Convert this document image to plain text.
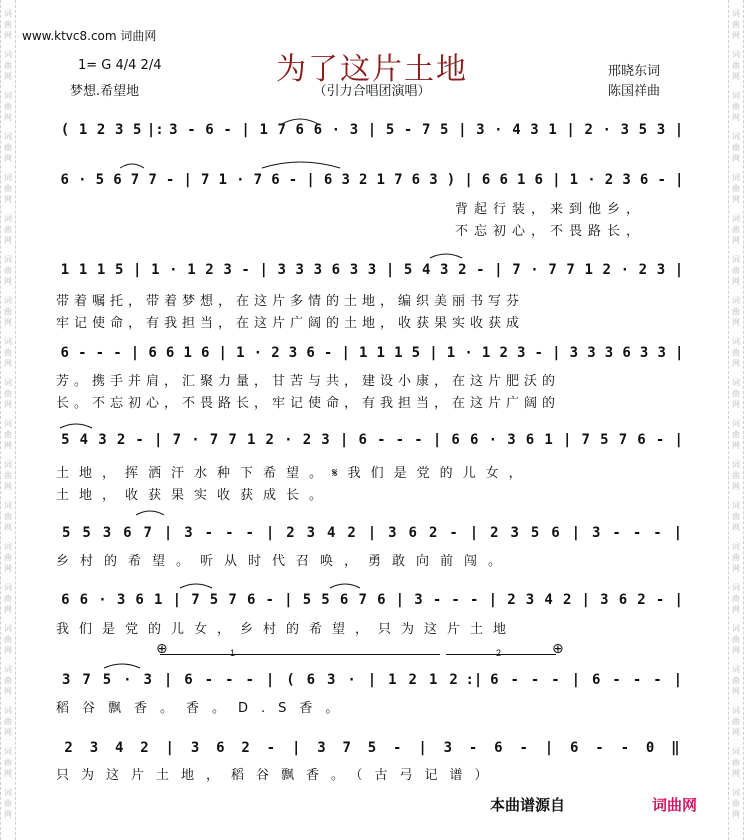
词
曲
网
词
曲
网
词
曲
网
词
曲
网
词
曲
网
词
曲
网
词
曲
网
词
曲
网
词
曲
网
词
曲
网
词
曲
网
词
曲
网
词
曲
网
词
曲
网
词
曲
网
词
曲
网
词
曲
网
词
曲
网
词
曲
网
词
曲
网
词
曲
网
词
曲
网
词
曲
网
词
曲
网
词
曲
网
词
曲
网
词
曲
网
词
曲
网
词
曲
网
词
曲
网
词
曲
网
词
曲
网
词
曲
网
词
曲
网
词
曲
网
词
曲
网
词
曲
网
词
曲
网
词
曲
网
词
曲
网
www.ktvc8.com 词曲网
为了这片土地
1= G 4/4 2/4
梦想.希望地	（引力合唱团演唱）
邢晓东词
陈国祥曲
( 1 2 3 5 |: 3 - 6 - | 1 7 6 6 · 3 | 5 - 7 5 | 3 · 4 3 1 | 2 · 3 5 3 |
6 · 5 6 7 7 - | 7 1 · 7 6 - | 6 3 2 1 7 6 3 ) | 6 6 1 6 | 1 · 2 3 6 - |
背起行装，来到他乡，
不忘初心，不畏路长，
1 1 1 5 | 1 · 1 2 3 - | 3 3 3 6 3 3 | 5 4 3 2 - | 7 · 7 7 1 2 · 2 3 |
带着嘱托，带着梦想，在这片多情的土地，编织美丽书写芬
牢记使命，有我担当，在这片广阔的土地，收获果实收获成
6 - - - | 6 6 1 6 | 1 · 2 3 6 - | 1 1 1 5 | 1 · 1 2 3 - | 3 3 3 6 3 3 |
芳。携手并肩，汇聚力量，甘苦与共，建设小康，在这片肥沃的
长。不忘初心，不畏路长，牢记使命，有我担当，在这片广阔的
5 4 3 2 - | 7 · 7 7 1 2 · 2 3 | 6 - - - | 6 6 · 3 6 1 | 7 5 7 6 - |
土地，挥洒汗水种下希望。𝄋我们是党的儿女，
土地，收获果实收获成长。
5 5 3 6 7 | 3 - - - | 2 3 4 2 | 3 6 2 - | 2 3 5 6 | 3 - - - |
乡村的希望。听从时代召唤，勇敢向前闯。
6 6 · 3 6 1 | 7 5 7 6 - | 5 5 6 7 6 | 3 - - - | 2 3 4 2 | 3 6 2 - |
我们是党的儿女，乡村的希望，只为这片土地
⊕	⊕
1	2
3 7 5 · 3 | 6 - - - | ( 6 3 · | 1 2 1 2 :| 6 - - - | 6 - - - |
稻谷飘香。香。D.S香。
2 3 4 2 | 3 6 2 - | 3 7 5 - | 3 - 6 - | 6 - - 0 ‖
只为这片土地，稻谷飘香。（古弓记谱）
本曲谱源自	词曲网
